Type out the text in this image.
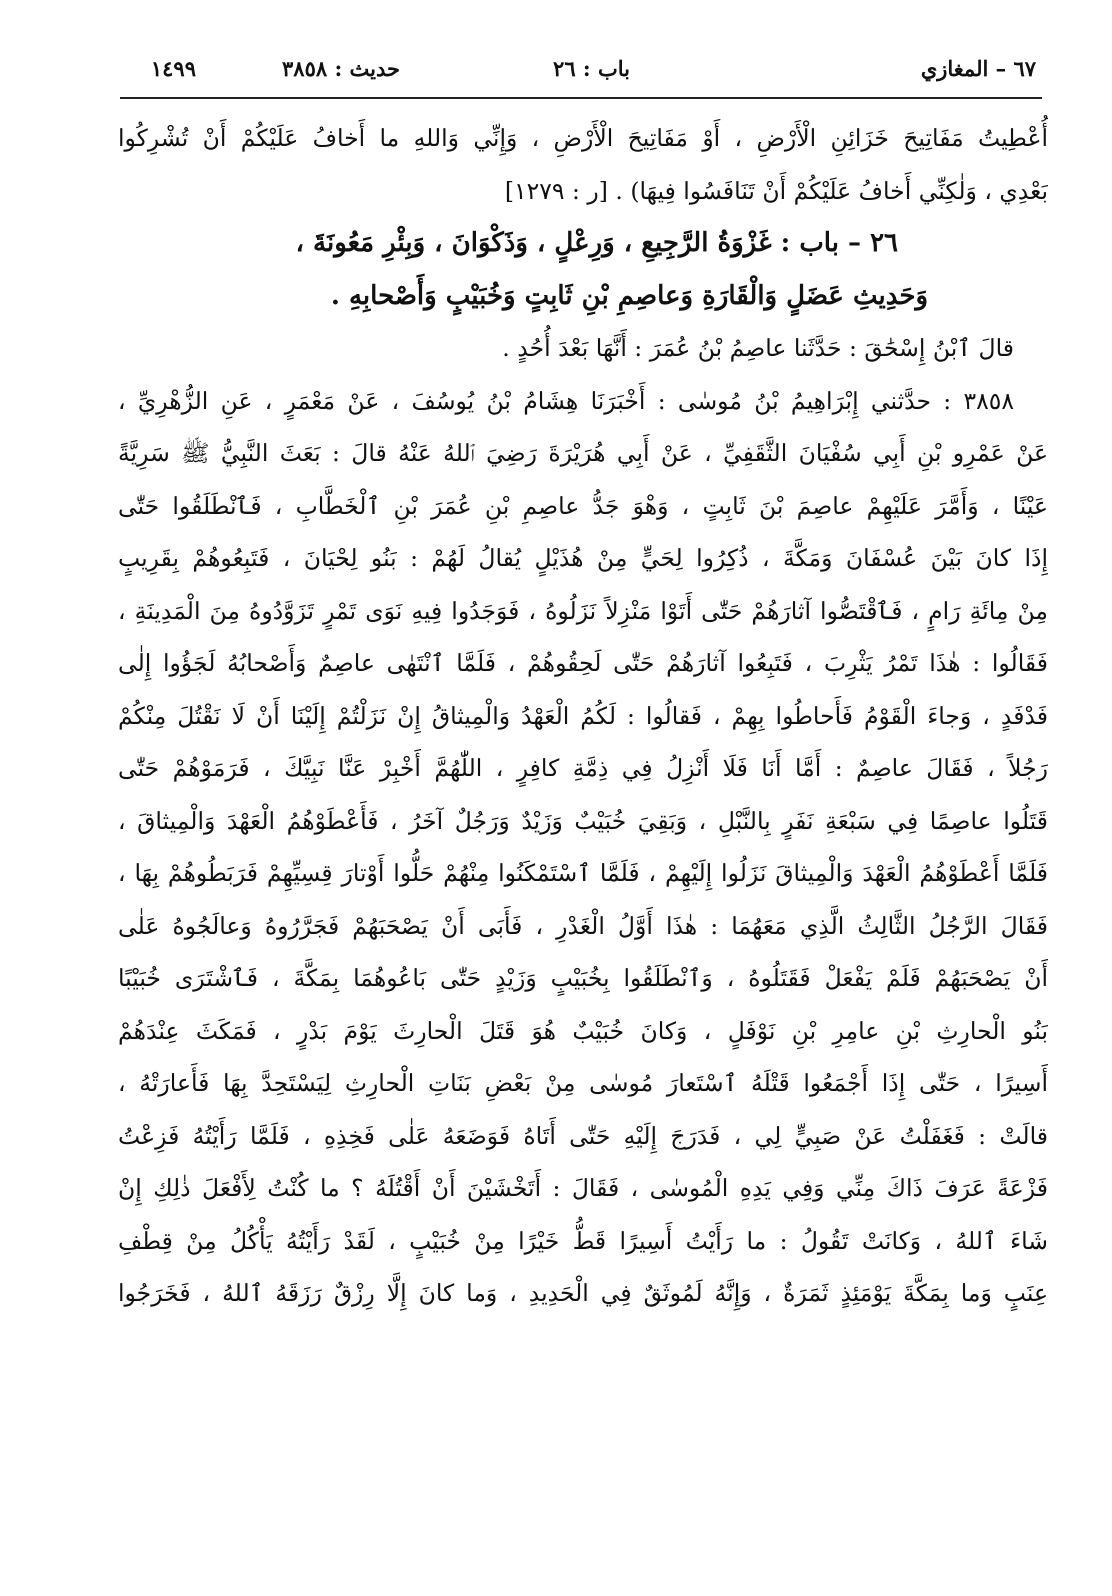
٦٧ – المغازي
باب : ٢٦
حديث : ٣٨٥٨
١٤٩٩
أُعْطِيتُ مَفَاتِيحَ خَزَائِنِ الْأَرْضِ ، أَوْ مَفَاتِيحَ الْأَرْضِ ، وَإِنِّي وَاللهِ ما أَخافُ عَلَيْكُمْ أَنْ تُشْرِكُوا
بَعْدِي ، وَلٰكِنِّي أَخافُ عَلَيْكُمْ أَنْ تَنَافَسُوا فِيهَا) . [ر : ١٢٧٩]
٢٦ – باب : غَزْوَةُ الرَّجِيعِ ، وَرِعْلٍ ، وَذَكْوَانَ ، وَبِئْرِ مَعُونَةَ ،
وَحَدِيثِ عَضَلٍ وَالْقَارَةِ وَعاصِمِ بْنِ ثَابِتٍ وَخُبَيْبٍ وَأَصْحابِهِ .
قالَ ٱبْنُ إِسْحَٰقَ : حَدَّثَنا عاصِمُ بْنُ عُمَرَ : أَنَّهَا بَعْدَ أُحُدٍ .
٣٨٥٨ : حدَّثني إِبْرَاهِيمُ بْنُ مُوسٰى : أَخْبَرَنَا هِشَامُ بْنُ يُوسُفَ ، عَنْ مَعْمَرٍ ، عَنِ الزُّهْرِيِّ ،
عَنْ عَمْرِو بْنِ أَبِي سُفْيَانَ الثَّقَفِيِّ ، عَنْ أَبِي هُرَيْرَةَ رَضِيَ ٱللهُ عَنْهُ قالَ : بَعَثَ النَّبِيُّ ﷺ سَرِيَّةً
عَيْنًا ، وَأَمَّرَ عَلَيْهِمْ عاصِمَ بْنَ ثَابِتٍ ، وَهْوَ جَدُّ عاصِمِ بْنِ عُمَرَ بْنِ ٱلْخَطَّابِ ، فَٱنْطَلَقُوا حَتّٰى
إِذَا كانَ بَيْنَ عُسْفَانَ وَمَكَّةَ ، ذُكِرُوا لِحَيٍّ مِنْ هُذَيْلٍ يُقالُ لَهُمْ : بَنُو لِحْيَانَ ، فَتَبِعُوهُمْ بِقَرِيبٍ
مِنْ مِائَةِ رَامٍ ، فَٱقْتَصُّوا آثارَهُمْ حَتّٰى أَتَوْا مَنْزِلاً نَزَلُوهُ ، فَوَجَدُوا فِيهِ نَوَى تَمْرٍ تَزَوَّدُوهُ مِنَ الْمَدِينَةِ ،
فَقَالُوا : هٰذَا تَمْرُ يَثْرِبَ ، فَتَبِعُوا آثارَهُمْ حَتّٰى لَحِقُوهُمْ ، فَلَمَّا ٱنْتَهٰى عاصِمٌ وَأَصْحابُهُ لَجَؤُوا إِلٰى
فَدْفَدٍ ، وَجاءَ الْقَوْمُ فَأَحاطُوا بِهِمْ ، فَقالُوا : لَكُمُ الْعَهْدُ وَالْمِيثاقُ إِنْ نَزَلْتُمْ إِلَيْنَا أَنْ لَا نَقْتُلَ مِنْكُمْ
رَجُلاً ، فَقَالَ عاصِمٌ : أَمَّا أَنَا فَلَا أَنْزِلُ فِي ذِمَّةِ كافِرٍ ، اللّٰهُمَّ أَخْبِرْ عَنَّا نَبِيَّكَ ، فَرَمَوْهُمْ حَتّٰى
قَتَلُوا عاصِمًا فِي سَبْعَةِ نَفَرٍ بِالنَّبْلِ ، وَبَقِيَ خُبَيْبٌ وَزَيْدٌ وَرَجُلٌ آخَرُ ، فَأَعْطَوْهُمُ الْعَهْدَ وَالْمِيثاقَ ،
فَلَمَّا أَعْطَوْهُمُ الْعَهْدَ وَالْمِيثاقَ نَزَلُوا إِلَيْهِمْ ، فَلَمَّا ٱسْتَمْكَنُوا مِنْهُمْ حَلُّوا أَوْتارَ قِسِيِّهِمْ فَرَبَطُوهُمْ بِهَا ،
فَقَالَ الرَّجُلُ الثَّالِثُ الَّذِي مَعَهُمَا : هٰذَا أَوَّلُ الْغَدْرِ ، فَأَبَى أَنْ يَصْحَبَهُمْ فَجَرَّرُوهُ وَعالَجُوهُ عَلٰى
أَنْ يَصْحَبَهُمْ فَلَمْ يَفْعَلْ فَقَتَلُوهُ ، وَٱنْطَلَقُوا بِخُبَيْبٍ وَزَيْدٍ حَتّٰى بَاعُوهُمَا بِمَكَّةَ ، فَٱشْتَرَى خُبَيْبًا
بَنُو الْحارِثِ بْنِ عامِرِ بْنِ نَوْفَلٍ ، وَكانَ خُبَيْبٌ هُوَ قَتَلَ الْحارِثَ يَوْمَ بَدْرٍ ، فَمَكَثَ عِنْدَهُمْ
أَسِيرًا ، حَتّٰى إِذَا أَجْمَعُوا قَتْلَهُ ٱسْتَعارَ مُوسٰى مِنْ بَعْضِ بَنَاتِ الْحارِثِ لِيَسْتَحِدَّ بِهَا فَأَعارَتْهُ ،
قالَتْ : فَغَفَلْتُ عَنْ صَبِيٍّ لِي ، فَدَرَجَ إِلَيْهِ حَتّٰى أَتَاهُ فَوَضَعَهُ عَلٰى فَخِذِهِ ، فَلَمَّا رَأَيْتُهُ فَزِعْتُ
فَزْعَةً عَرَفَ ذَاكَ مِنِّي وَفِي يَدِهِ الْمُوسٰى ، فَقَالَ : أَتَخْشَيْنَ أَنْ أَقْتُلَهُ ؟ ما كُنْتُ لِأَفْعَلَ ذٰلِكِ إِنْ
شَاءَ ٱللهُ ، وَكانَتْ تَقُولُ : ما رَأَيْتُ أَسِيرًا قَطُّ خَيْرًا مِنْ خُبَيْبٍ ، لَقَدْ رَأَيْتُهُ يَأْكُلُ مِنْ قِطْفِ
عِنَبٍ وَما بِمَكَّةَ يَوْمَئِذٍ ثَمَرَةٌ ، وَإِنَّهُ لَمُوثَقٌ فِي الْحَدِيدِ ، وَما كانَ إِلَّا رِزْقٌ رَزَقَهُ ٱللهُ ، فَخَرَجُوا
